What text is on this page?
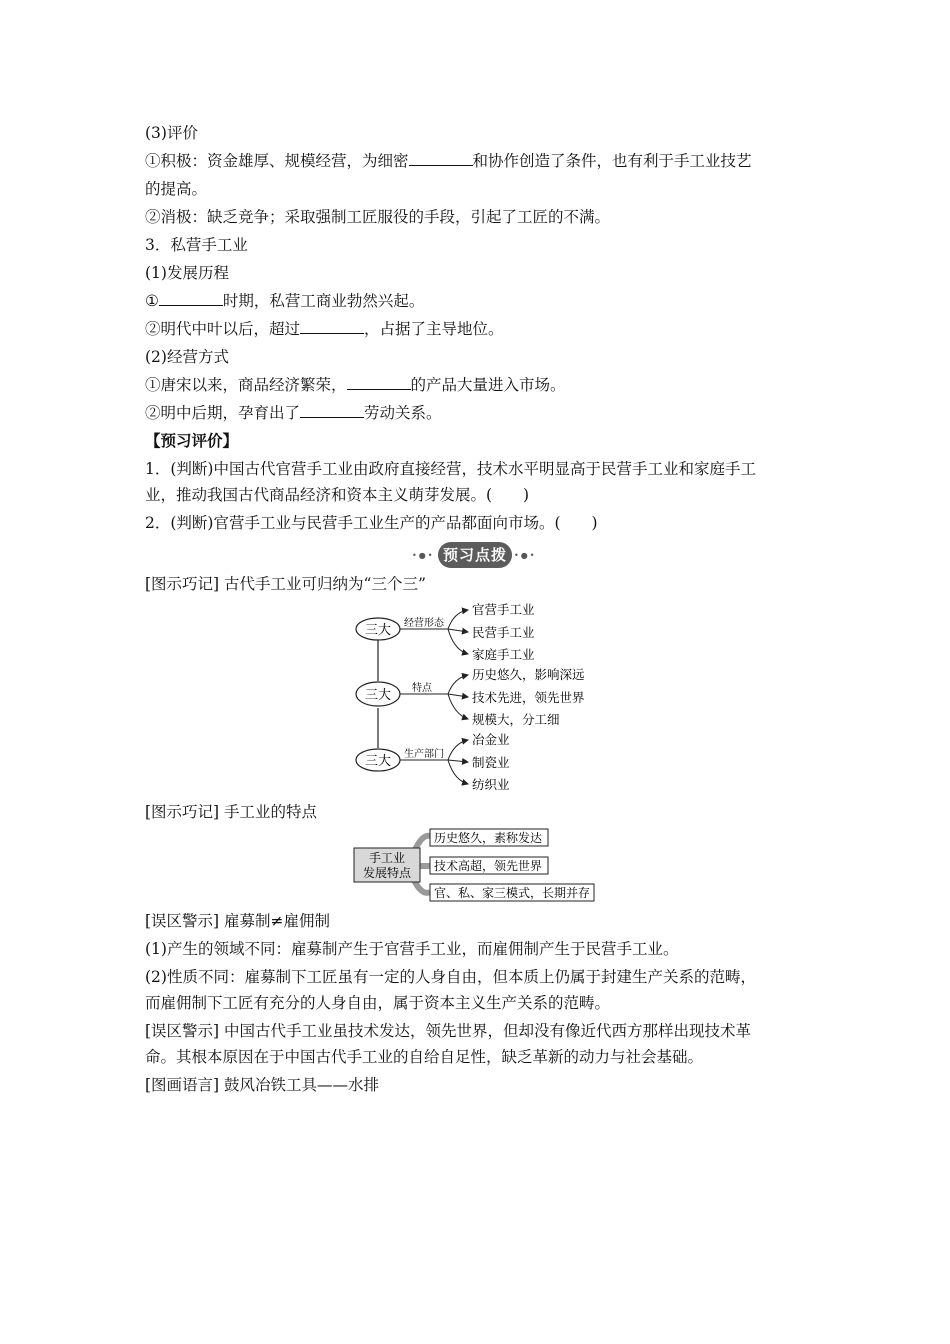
(3)评价
①积极：资金雄厚、规模经营，为细密	和协作创造了条件，也有利于手工业技艺
的提高。
②消极：缺乏竞争；采取强制工匠服役的手段，引起了工匠的不满。
3．私营手工业
(1)发展历程
①	时期，私营工商业勃然兴起。
②明代中叶以后，超过	，占据了主导地位。
(2)经营方式
①唐宋以来，商品经济繁荣，	的产品大量进入市场。
②明中后期，孕育出了	劳动关系。
【预习评价】
1．(判断)中国古代官营手工业由政府直接经营，技术水平明显高于民营手工业和家庭手工
业，推动我国古代商品经济和资本主义萌芽发展。(　　)
2．(判断)官营手工业与民营手工业生产的产品都面向市场。(　　)
•●• 预习点拨 •●•
[图示巧记] 古代手工业可归纳为“三个三”
三大 经营形态
官营手工业
民营手工业
家庭手工业
三大 特点
历史悠久，影响深远
技术先进，领先世界
规模大，分工细
三大 生产部门
冶金业
制瓷业
纺织业
[图示巧记] 手工业的特点
手工业
发展特点
历史悠久，素称发达
技术高超，领先世界
官、私、家三模式，长期并存
[误区警示] 雇募制≠雇佣制
(1)产生的领域不同：雇募制产生于官营手工业，而雇佣制产生于民营手工业。
(2)性质不同：雇募制下工匠虽有一定的人身自由，但本质上仍属于封建生产关系的范畴，
而雇佣制下工匠有充分的人身自由，属于资本主义生产关系的范畴。
[误区警示] 中国古代手工业虽技术发达，领先世界，但却没有像近代西方那样出现技术革
命。其根本原因在于中国古代手工业的自给自足性，缺乏革新的动力与社会基础。
[图画语言] 鼓风冶铁工具——水排
